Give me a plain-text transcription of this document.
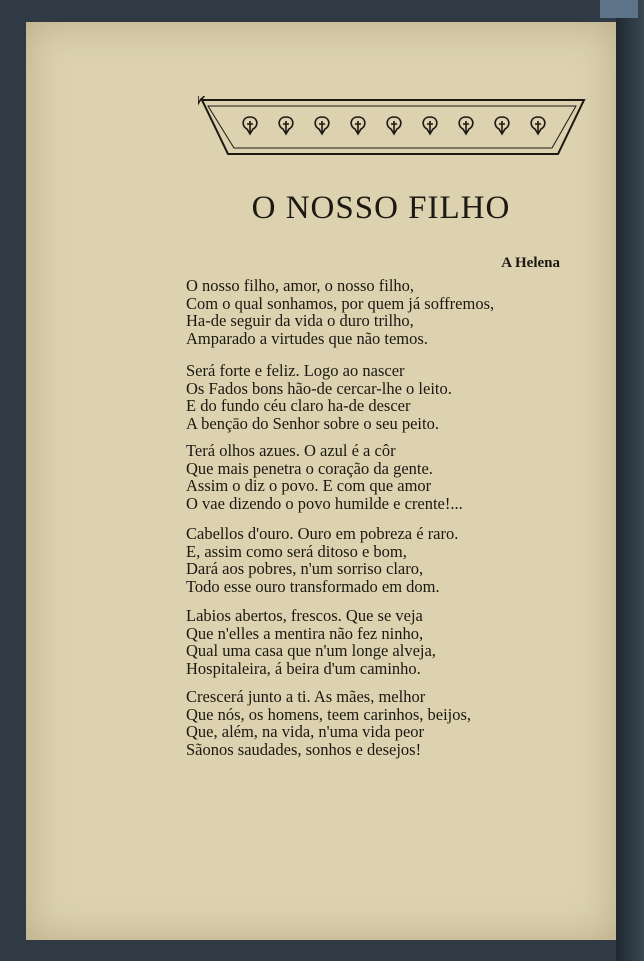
O NOSSO FILHO
A Helena

O nosso filho, amor, o nosso filho,
Com o qual sonhamos, por quem já soffremos,
Ha-de seguir da vida o duro trilho,
Amparado a virtudes que não temos.

Será forte e feliz. Logo ao nascer
Os Fados bons hão-de cercar-lhe o leito.
E do fundo céu claro ha-de descer
A bençāo do Senhor sobre o seu peito.

Terá olhos azues. O azul é a côr
Que mais penetra o coração da gente.
Assim o diz o povo. E com que amor
O vae dizendo o povo humilde e crente!...

Cabellos d'ouro. Ouro em pobreza é raro.
E, assim como será ditoso e bom,
Dará aos pobres, n'um sorriso claro,
Todo esse ouro transformado em dom.

Labios abertos, frescos. Que se veja
Que n'elles a mentira não fez ninho,
Qual uma casa que n'um longe alveja,
Hospitaleira, á beira d'um caminho.

Crescerá junto a ti. As mães, melhor
Que nós, os homens, teem carinhos, beijos,
Que, além, na vida, n'uma vida peor
Sãonos saudades, sonhos e desejos!
